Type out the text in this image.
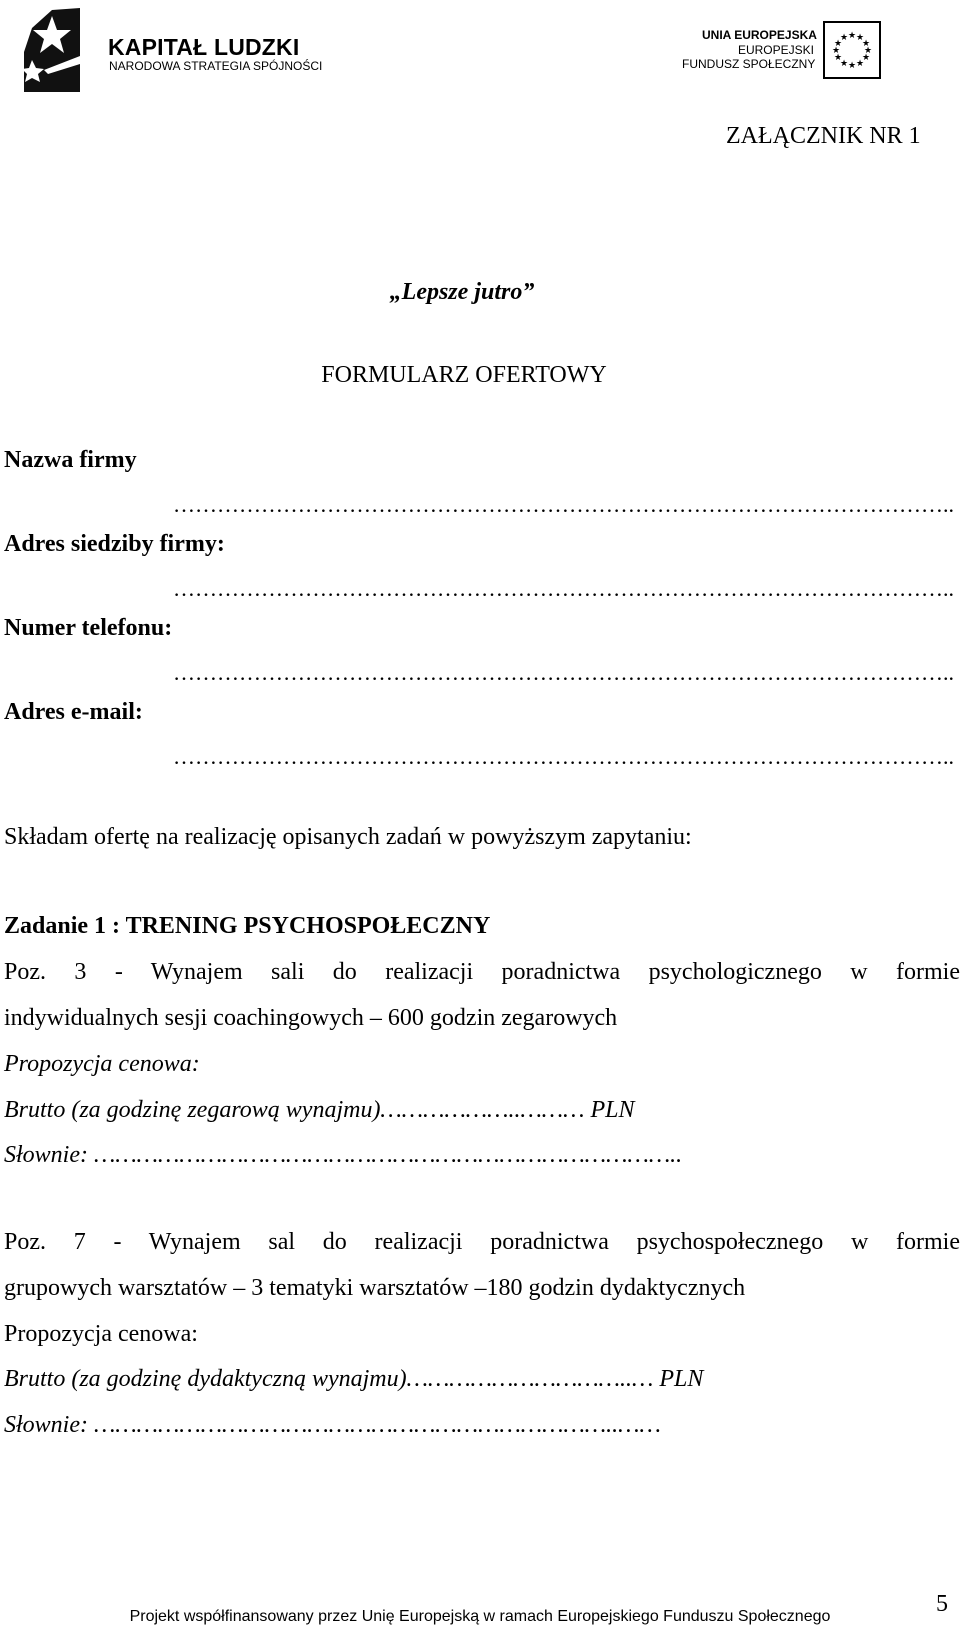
KAPITAŁ LUDZKI
NARODOWA STRATEGIA SPÓJNOŚCI
UNIA EUROPEJSKA
EUROPEJSKI
FUNDUSZ SPOŁECZNY
★ ★
★
★
★
★
★
★
★
★
★
★
ZAŁĄCZNIK NR 1
„Lepsze jutro”
FORMULARZ OFERTOWY
Nazwa firmy
……………………………………………………………………………………………..
Adres siedziby firmy:
……………………………………………………………………………………………..
Numer telefonu:
……………………………………………………………………………………………..
Adres e-mail:
……………………………………………………………………………………………..
Składam ofertę na realizację opisanych zadań w powyższym zapytaniu:
Zadanie 1 : TRENING PSYCHOSPOŁECZNY
Poz. 3 - Wynajem sali do realizacji poradnictwa psychologicznego w formie
indywidualnych sesji coachingowych – 600 godzin zegarowych
Propozycja cenowa:
Brutto (za godzinę zegarową wynajmu)………………..……… PLN
Słownie: ………………………………………………………………………..
Poz. 7 - Wynajem sal do realizacji poradnictwa psychospołecznego w formie
grupowych warsztatów – 3 tematyki warsztatów –180 godzin dydaktycznych
Propozycja cenowa:
Brutto (za godzinę dydaktyczną wynajmu)…………………………..… PLN
Słownie: ………………………………………………………………..……
5
Projekt współfinansowany przez Unię Europejską w ramach Europejskiego Funduszu Społecznego
